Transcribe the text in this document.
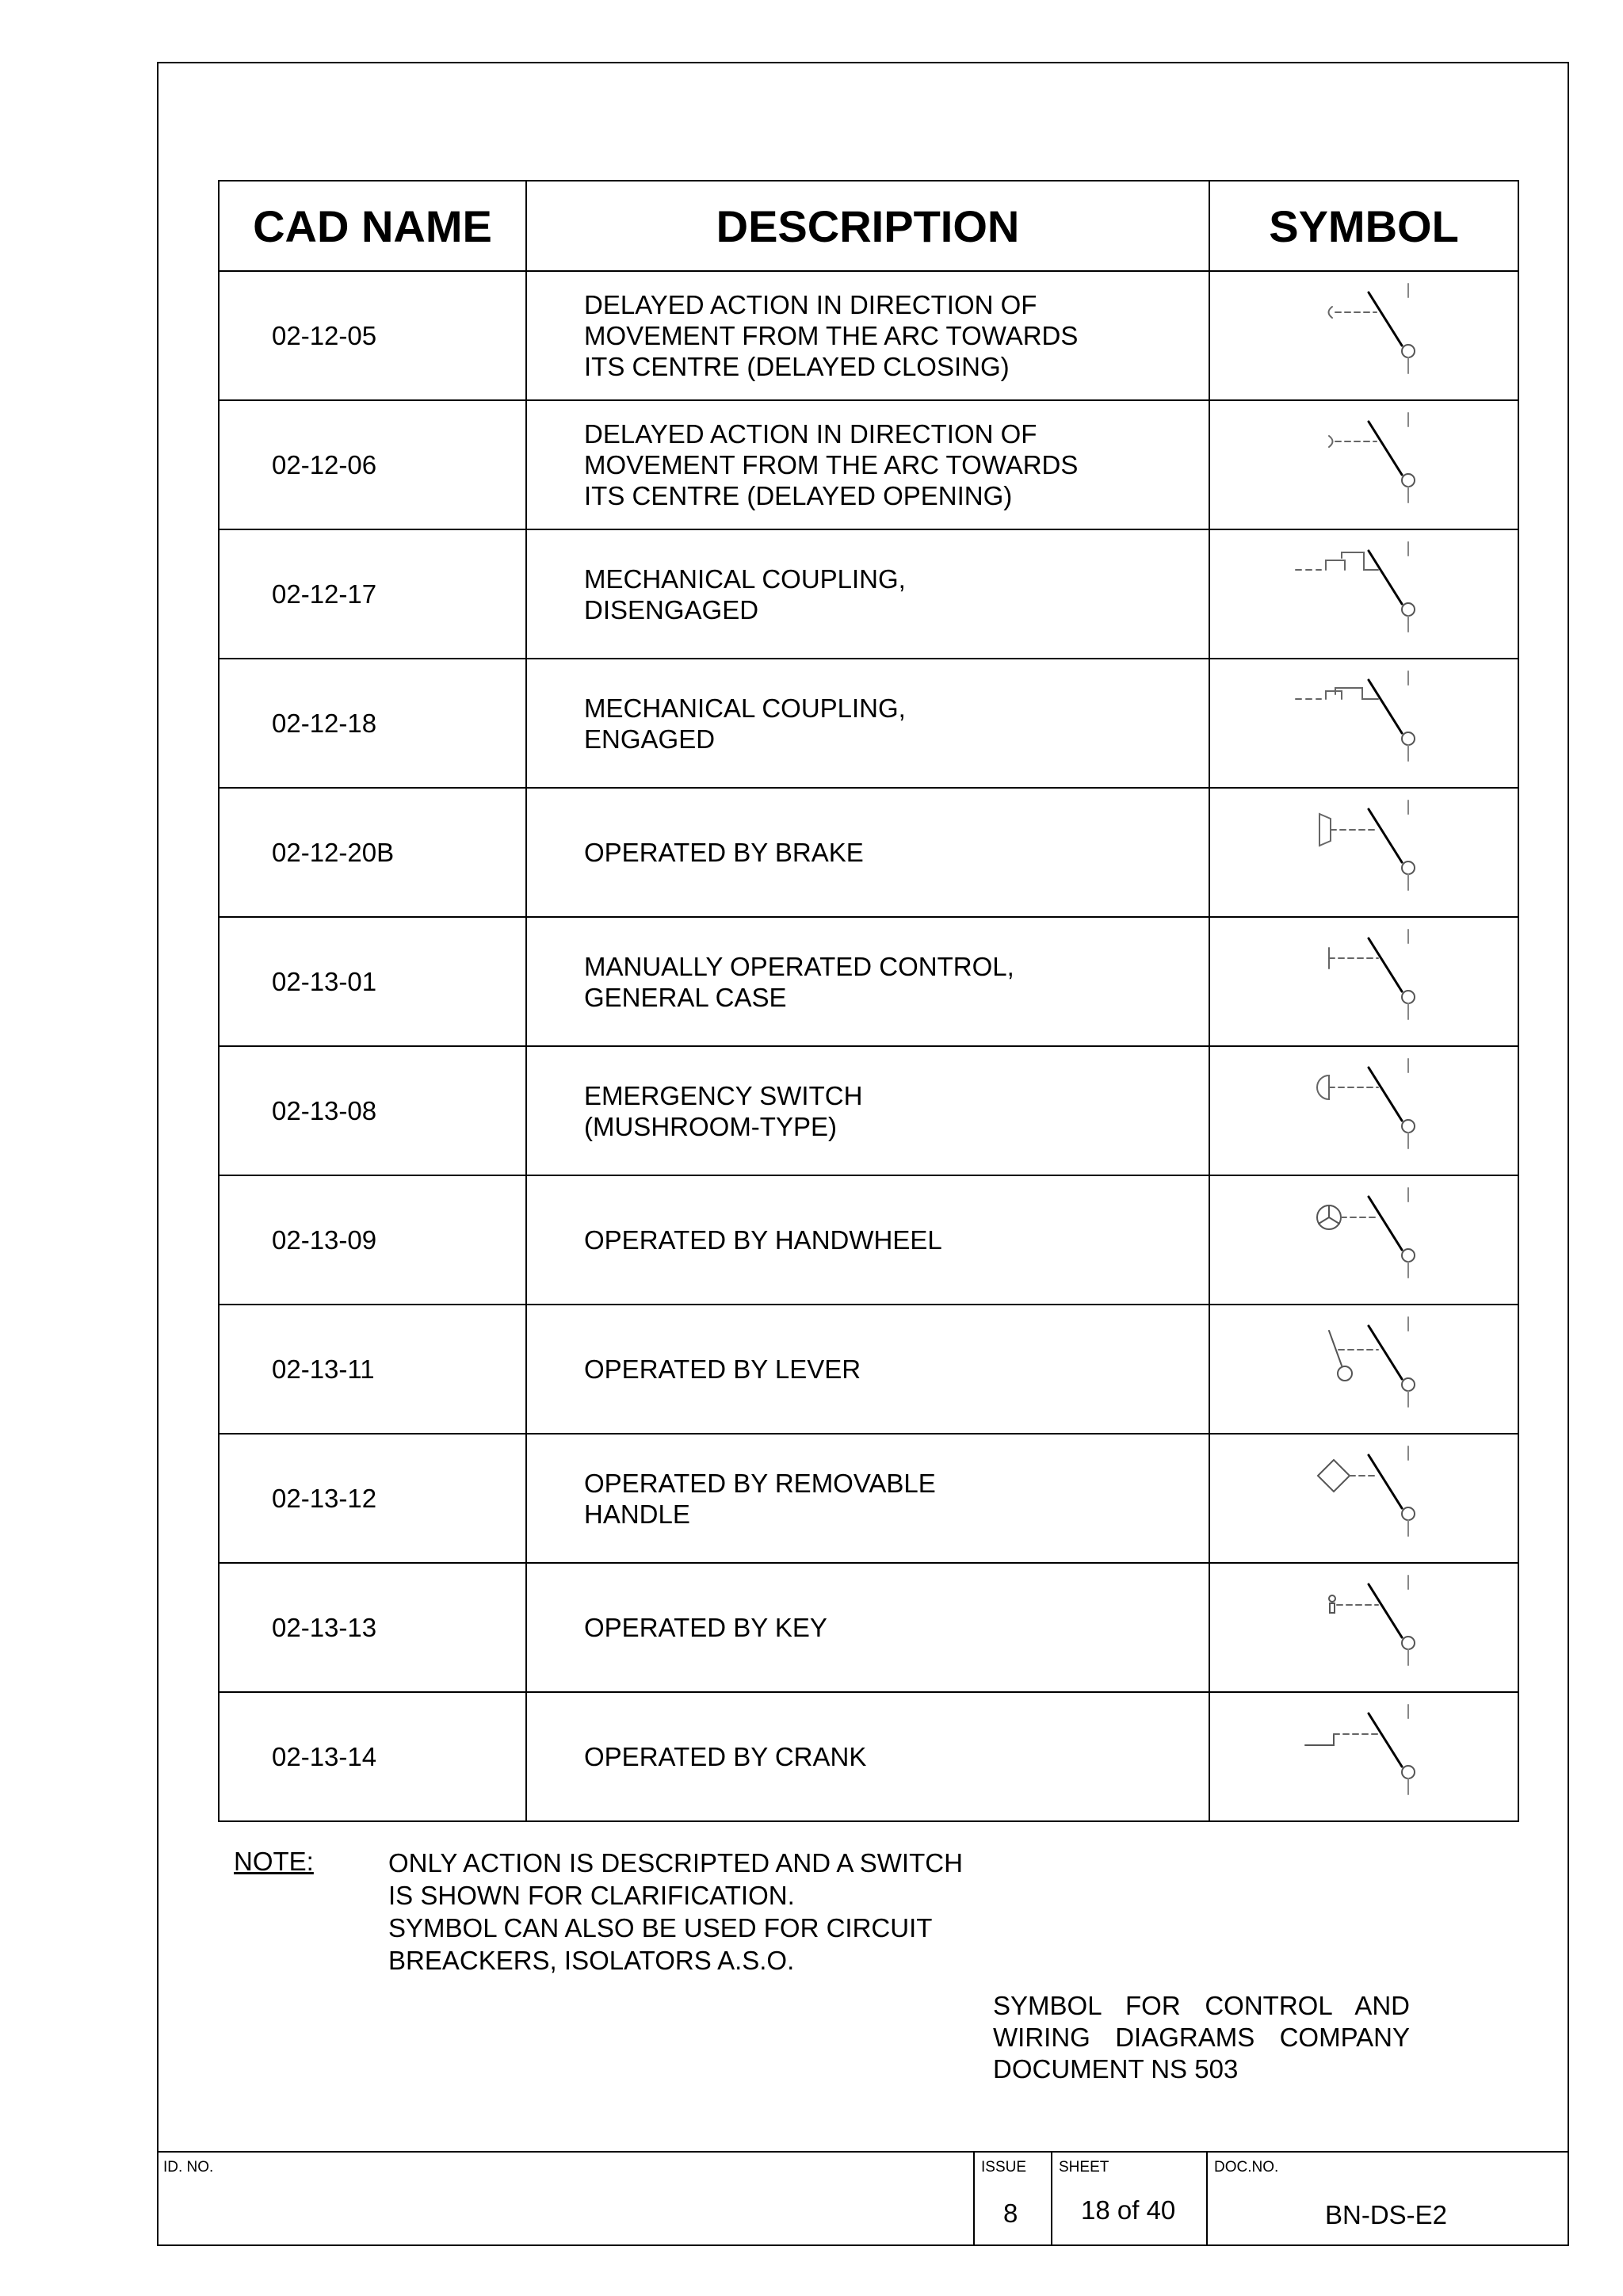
CAD NAME	DESCRIPTION	SYMBOL
02-12-05	DELAYED ACTION IN DIRECTION OF
MOVEMENT FROM THE ARC TOWARDS
ITS CENTRE (DELAYED CLOSING)	

02-12-06	DELAYED ACTION IN DIRECTION OF
MOVEMENT FROM THE ARC TOWARDS
ITS CENTRE (DELAYED OPENING)	

02-12-17	MECHANICAL COUPLING,
DISENGAGED	

02-12-18	MECHANICAL COUPLING,
ENGAGED	

02-12-20B	OPERATED BY BRAKE	

02-13-01	MANUALLY OPERATED CONTROL,
GENERAL CASE	

02-13-08	EMERGENCY SWITCH
(MUSHROOM-TYPE)	

02-13-09	OPERATED BY HANDWHEEL	

02-13-11	OPERATED BY LEVER	

02-13-12	OPERATED BY REMOVABLE
HANDLE	

02-13-13	OPERATED BY KEY	

02-13-14	OPERATED BY CRANK	
NOTE:	ONLY ACTION IS DESCRIPTED AND A SWITCH
IS SHOWN FOR CLARIFICATION.
SYMBOL CAN ALSO BE USED FOR CIRCUIT
BREACKERS, ISOLATORS A.S.O.
SYMBOL FOR CONTROL AND
WIRING DIAGRAMS COMPANY
DOCUMENT NS 503
ID. NO.	ISSUE
8
SHEET
18 of 40
DOC.NO.
BN-DS-E2
